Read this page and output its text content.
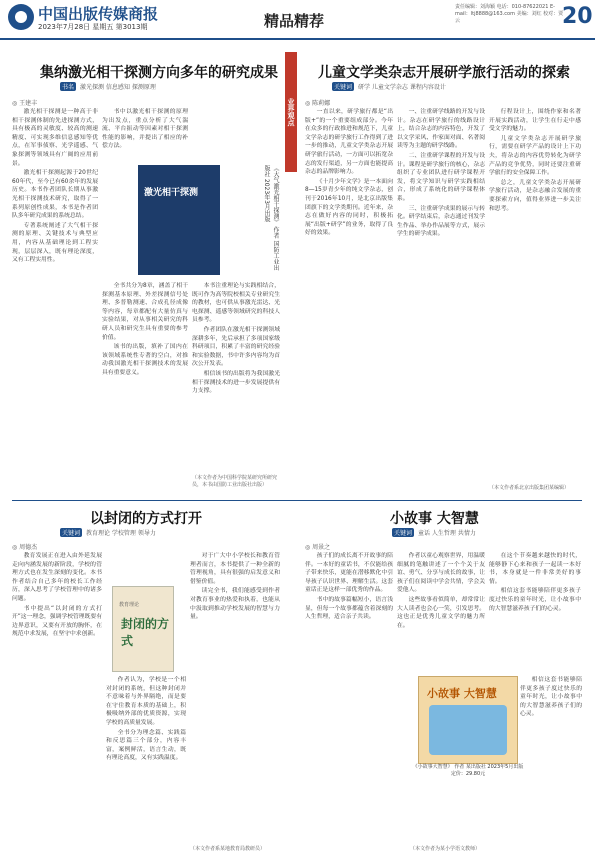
中国出版传媒商报
2023年7月28日 星期五 第3013期	精品精荐
责任编辑：刘海颖 电话：010-87622021 E-mail：ltj8888@163.com 美编：刘红 校对：贾云	20
集纳激光相干探测方向多年的研究成果
书名 激光探测 信息感知 探测原理
◎ 王建丰

激光相干探测是一种高于非相干探测体制的先进探测方式，具有极高的灵敏度、较高的测速精度、可实现多维信息感知等优点，在军事侦察、光学遥感、气象探测等领域具有广阔的应用前景。

激光相干探测起源于20世纪60年代，至今已有60余年的发展历史。本书作者团队长期从事激光相干探测技术研究，取得了一系列原创性成果，本书是作者团队多年研究成果的系统总结。

专著系统阐述了大气相干探测的原理、关键技术与典型应用，内容从基础理论到工程实现，层层深入，既有理论深度，又有工程实用性。

书中以激光相干探测的原理为出发点，重点分析了大气湍流、平台振动等因素对相干探测性能的影响，并提出了相应的补偿方法。

激光相干探测	《大气激光相干探测》 作者 国防工业出版社 2023年3月出版

全书共分为8章，涵盖了相干探测基本原理、外差探测信号处理、多普勒测速、合成孔径成像等内容，每章都配有大量仿真与实验结果，对从事相关研究的科研人员和研究生具有重要的参考价值。

该书的出版，填补了国内在该领域系统性专著的空白，对推动我国激光相干探测技术的发展具有重要意义。

本书注重理论与实践相结合，既可作为高等院校相关专业研究生的教材，也可供从事激光雷达、光电探测、遥感等领域研究的科技人员参考。

作者团队在激光相干探测领域深耕多年，先后承担了多项国家级科研项目，积累了丰富的研究经验和实验数据，书中许多内容均为首次公开发表。

相信该书的出版将为我国激光相干探测技术的进一步发展提供有力支撑。

（本文作者为中国科学院某研究所研究员，本书由国防工业出版社出版）
业界观点
儿童文学类杂志开展研学旅行活动的探索
关键词 研学 儿童文学杂志 课程内容设计
◎ 陈莉娜

一直以来，研学旅行都是“出版+”的一个重要组成部分。今年在众多的行政推进和规范下，儿童文学杂志的研学旅行工作得到了进一步的推动，儿童文学类杂志开展研学旅行活动，一方面可以拓宽杂志的发行渠道，另一方面也能提高杂志的品牌影响力。

《十月少年文学》是一本面向8—15岁青少年的纯文学杂志，创刊于2016年10月，是北京出版集团旗下的文学类期刊。近年来，杂志在做好内容的同时，积极拓展“出版+研学”的业务，取得了良好的效果。

一、注重研学线路的开发与设计。杂志在研学旅行的线路设计上，结合杂志的内容特色，开发了以文学采风、作家面对面、名著阅读等为主题的研学线路。

二、注重研学课程的开发与设计。课程是研学旅行的核心，杂志组织了专业团队进行研学课程开发，将文学知识与研学实践相结合，形成了系统化的研学课程体系。

三、注重研学成果的展示与转化。研学结束后，杂志通过刊发学生作品、举办作品展等方式，展示学生的研学成果。

行程设计上，围绕作家和名著开展实践活动，让学生在行走中感受文学的魅力。

儿童文学类杂志开展研学旅行，需要在研学产品的设计上下功夫，将杂志的内容优势转化为研学产品的竞争优势，同时还要注重研学旅行的安全保障工作。

总之，儿童文学类杂志开展研学旅行活动，是杂志融合发展的重要探索方向，值得业界进一步关注和思考。

（本文作者系北京出版集团某编辑）
以封闭的方式打开
关键词 教育理论 学校管理 领导力
◎ 周德杰

教育发展正在进入由外延发展走向内涵发展的新阶段，学校的管理方式也在发生深刻的变化。本书作者结合自己多年的校长工作经历，深入思考了学校管理中的诸多问题。

书中提出“以封闭的方式打开”这一理念，强调学校管理既要有边界意识，又要有开放的胸怀，在规范中求发展，在坚守中求创新。

教育理论
封闭的方式

作者认为，学校是一个相对封闭的系统，但这种封闭并不意味着与外界隔绝，而是要在守住教育本质的基础上，积极吸纳外部的优质资源，实现学校的高质量发展。

全书分为理念篇、实践篇和反思篇三个部分，内容丰富，案例鲜活，语言生动，既有理论高度，又有实践温度。

对于广大中小学校长和教育管理者而言，本书提供了一种全新的管理视角，具有很强的启发意义和借鉴价值。

读完全书，我们能感受到作者对教育事业的热爱和执着，也能从中汲取到推动学校发展的智慧与力量。

（本文作者系某地教育局教研员）
小故事 大智慧
关键词 童话 人生哲理 共情力
◎ 周景之

孩子们的成长离不开故事的陪伴。一本好的童话书，不仅能给孩子带来快乐，更能在潜移默化中引导孩子认识世界、理解生活。这套童话正是这样一部优秀的作品。

书中的故事篇幅短小，语言浅显，但每一个故事都蕴含着深刻的人生哲理，适合亲子共读。

作者以童心观察世界，用温暖细腻的笔触讲述了一个个关于友谊、勇气、分享与成长的故事，让孩子们在阅读中学会共情，学会关爱他人。

这些故事看似简单，却常常让大人读者也会心一笑，引发思考。这也正是优秀儿童文学的魅力所在。

小故事 大智慧
《小故事大智慧》 作者 某出版社 2023年5月出版 定价：29.80元

在这个节奏越来越快的时代，能够静下心来和孩子一起读一本好书，本身就是一件非常美好的事情。

相信这套书能够陪伴更多孩子度过快乐的童年时光，让小故事中的大智慧滋养孩子们的心灵。

相信这套书能够陪伴更多孩子度过快乐的童年时光，让小故事中的大智慧滋养孩子们的心灵。

（本文作者为某小学语文教师）
